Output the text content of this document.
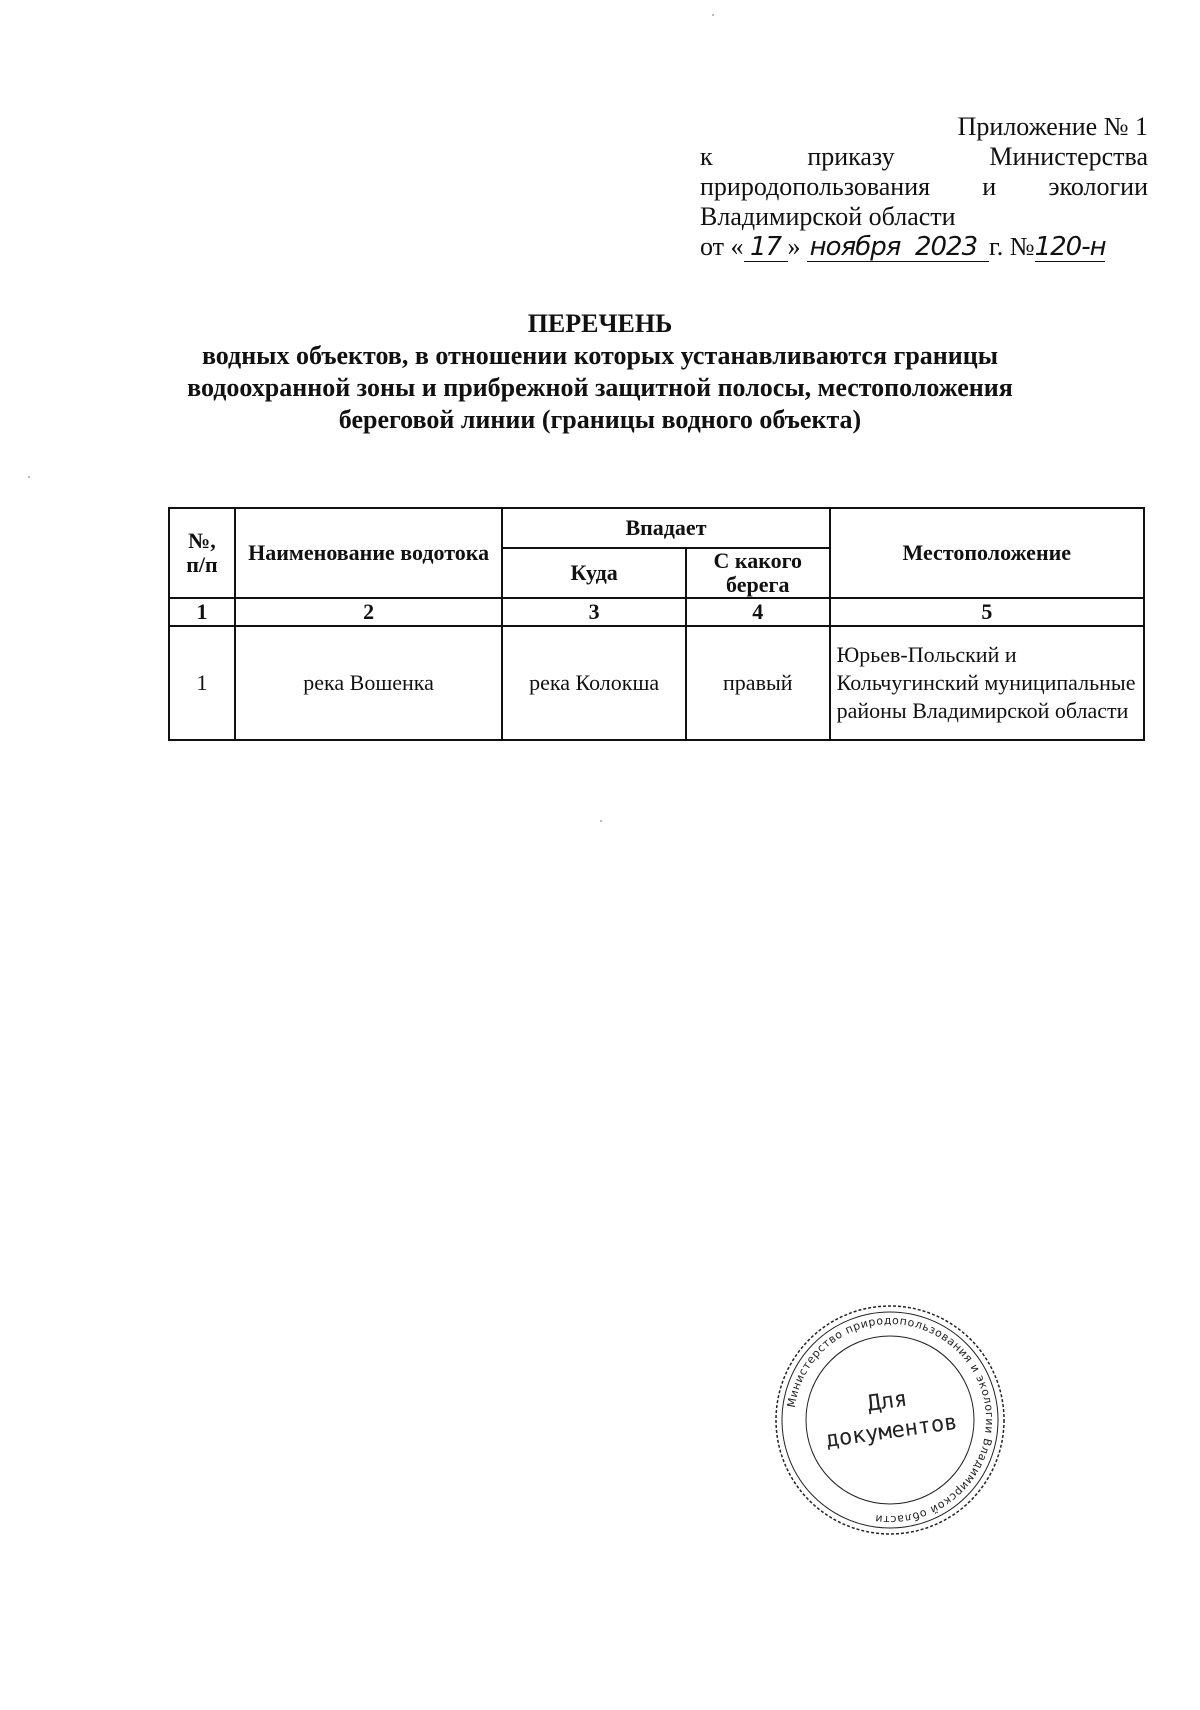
Приложение № 1
к	приказу	Министерства
природопользования и экологии
Владимирской области
от « 17 » ноября 2023 г. №120-н
ПЕРЕЧЕНЬ
водных объектов, в отношении которых устанавливаются границы
водоохранной зоны и прибрежной защитной полосы, местоположения
береговой линии (границы водного объекта)
№, п/п	Наименование водотока	Впадает		Местоположение
		Куда	С какого берега	
1	2	3	4	5
1	река Вошенка	река Колокша	правый	Юрьев-Польский и Кольчугинский муниципальные районы Владимирской области
Министерство природопользования и экологии Владимирской области
Для
документов
